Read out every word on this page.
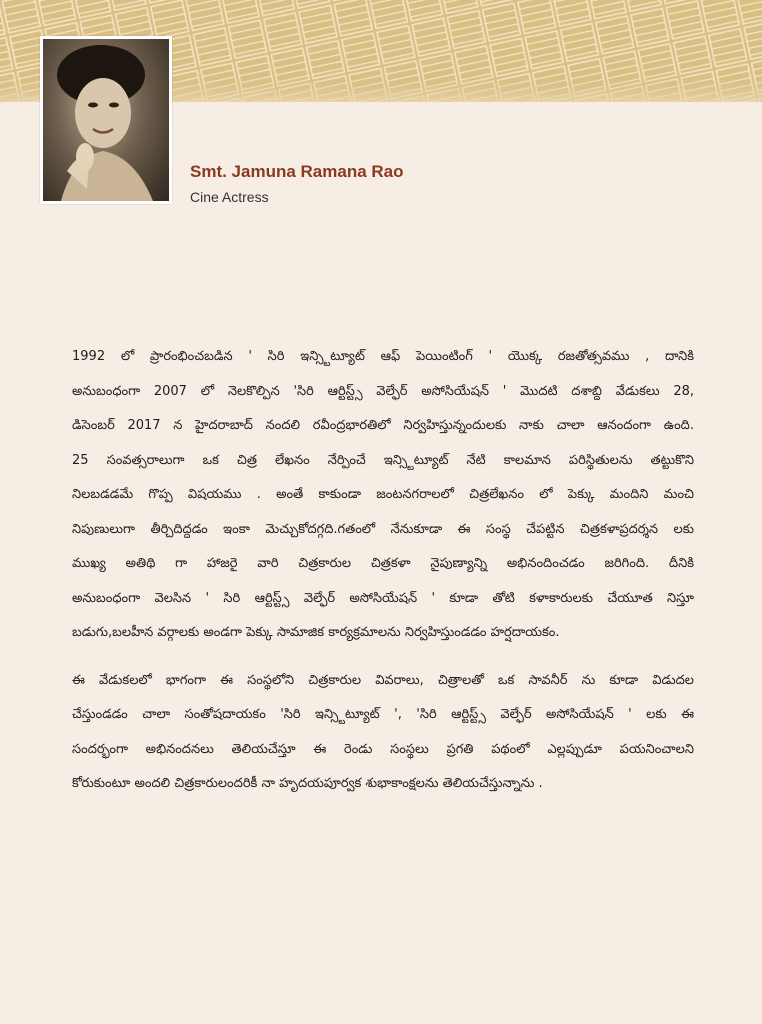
Smt. Jamuna Ramana Rao
Cine Actress
1992 లో ప్రారంభించబడిన ' సిరి ఇన్స్టిట్యూట్ ఆఫ్ పెయింటింగ్ ' యొక్క రజతోత్సవము , దానికి
అనుబంధంగా 2007 లో నెలకొల్పిన 'సిరి ఆర్టిస్ట్స్ వెల్ఫేర్ అసోసియేషన్ ' మొదటి దశాబ్ది వేడుకలు 28,
డిసెంబర్ 2017 న హైదరాబాద్ నందలి రవీంద్రభారతిలో నిర్వహిస్తున్నందులకు నాకు చాలా ఆనందంగా ఉంది.
25 సంవత్సరాలుగా ఒక చిత్ర లేఖనం నేర్పించే ఇన్స్టిట్యూట్ నేటి కాలమాన పరిస్థితులను తట్టుకొని
నిలబడడమే గొప్ప విషయము . అంతే కాకుండా జంటనగరాలలో చిత్రలేఖనం లో పెక్కు మందిని మంచి
నిపుణులుగా తీర్చిదిద్దడం ఇంకా మెచ్చుకోదగ్గది.గతంలో నేనుకూడా ఈ సంస్థ చేపట్టిన చిత్రకళాప్రదర్శన లకు
ముఖ్య అతిథి గా హాజరై వారి చిత్రకారుల చిత్రకళా నైపుణ్యాన్ని అభినందించడం జరిగింది. దీనికి
అనుబంధంగా వెలసిన ' సిరి ఆర్టిస్ట్స్ వెల్ఫేర్ అసోసియేషన్ ' కూడా తోటి కళాకారులకు చేయూత నిస్తూ
బడుగు,బలహీన వర్గాలకు అండగా పెక్కు సామాజిక కార్యక్రమాలను నిర్వహిస్తుండడం హర్షదాయకం.
ఈ వేడుకలలో భాగంగా ఈ సంస్థలోని చిత్రకారుల వివరాలు, చిత్రాలతో ఒక సావనీర్ ను కూడా విడుదల
చేస్తుండడం చాలా సంతోషదాయకం 'సిరి ఇన్స్టిట్యూట్ ', 'సిరి ఆర్టిస్ట్స్ వెల్ఫేర్ అసోసియేషన్ ' లకు ఈ
సందర్భంగా అభినందనలు తెలియచేస్తూ ఈ రెండు సంస్థలు ప్రగతి పథంలో ఎల్లప్పుడూ పయనించాలని
కోరుకుంటూ అందలి చిత్రకారులందరికీ నా హృదయపూర్వక శుభాకాంక్షలను తెలియచేస్తున్నాను .
